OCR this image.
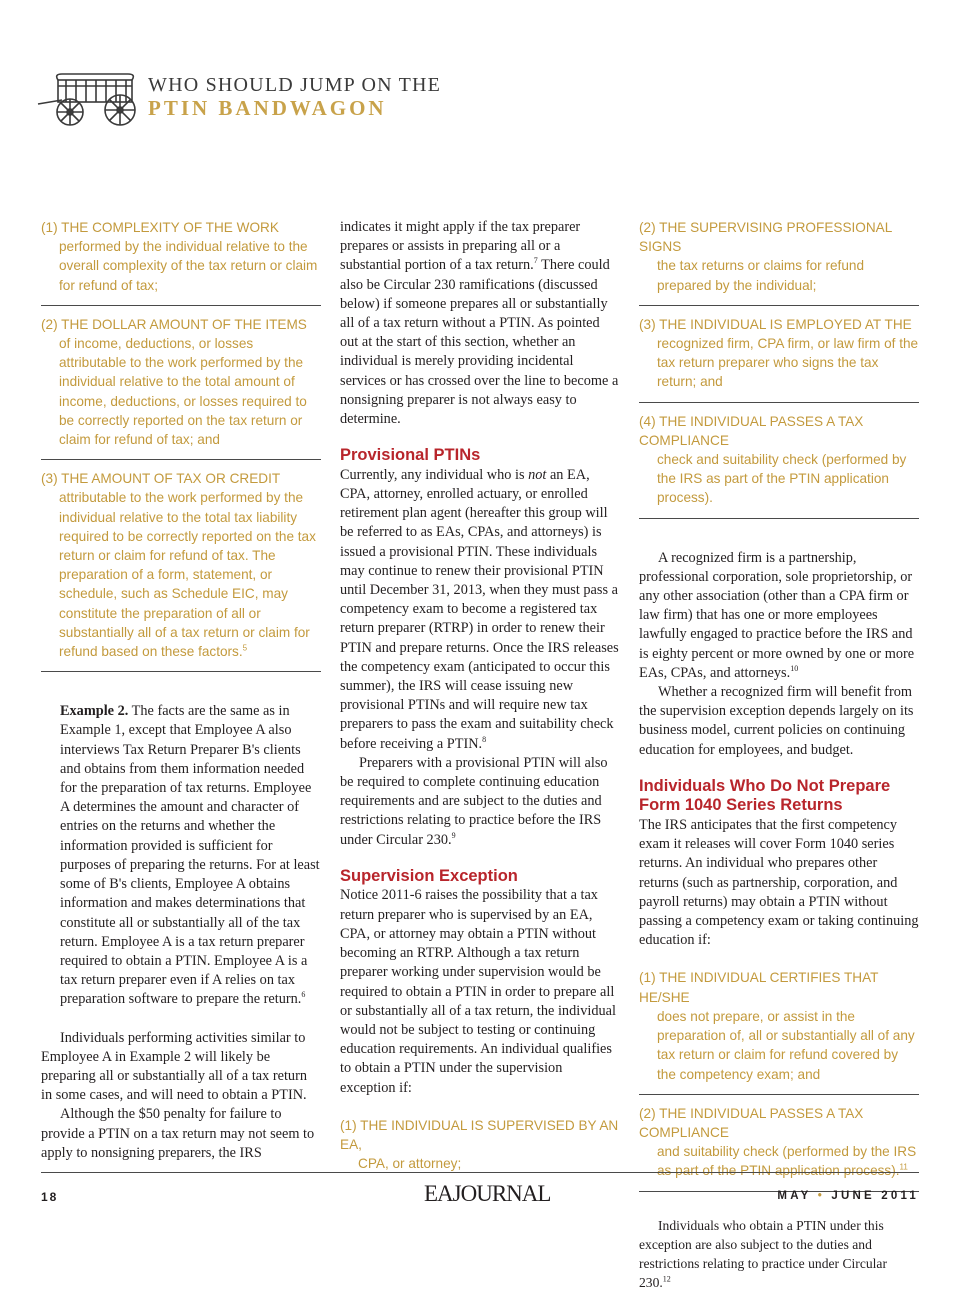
WHO SHOULD JUMP ON THE
PTIN BANDWAGON

(1) THE COMPLEXITY OF THE WORK
performed by the individual relative to the overall complexity of the tax return or claim for refund of tax;

(2) THE DOLLAR AMOUNT OF THE ITEMS
of income, deductions, or losses attributable to the work performed by the individual relative to the total amount of income, deductions, or losses required to be correctly reported on the tax return or claim for refund of tax; and

(3) THE AMOUNT OF TAX OR CREDIT
attributable to the work performed by the individual relative to the total tax liability required to be correctly reported on the tax return or claim for refund of tax. The preparation of a form, statement, or schedule, such as Schedule EIC, may constitute the preparation of all or substantially all of a tax return or claim for refund based on these factors.$^5$

Example 2. The facts are the same as in Example 1, except that Employee A also interviews Tax Return Preparer B's clients and obtains from them information needed for the preparation of tax returns. Employee A determines the amount and character of entries on the returns and whether the information provided is sufficient for purposes of preparing the returns. For at least some of B's clients, Employee A obtains information and makes determinations that constitute all or substantially all of the tax return. Employee A is a tax return preparer required to obtain a PTIN. Employee A is a tax return preparer even if A relies on tax preparation software to prepare the return.$^6$

Individuals performing activities similar to Employee A in Example 2 will likely be preparing all or substantially all of a tax return in some cases, and will need to obtain a PTIN.

Although the $50 penalty for failure to provide a PTIN on a tax return may not seem to apply to nonsigning preparers, the IRS

indicates it might apply if the tax preparer prepares or assists in preparing all or a substantial portion of a tax return.$^7$ There could also be Circular 230 ramifications (discussed below) if someone prepares all or substantially all of a tax return without a PTIN. As pointed out at the start of this section, whether an individual is merely providing incidental services or has crossed over the line to become a nonsigning preparer is not always easy to determine.

Provisional PTINs

Currently, any individual who is not an EA, CPA, attorney, enrolled actuary, or enrolled retirement plan agent (hereafter this group will be referred to as EAs, CPAs, and attorneys) is issued a provisional PTIN. These individuals may continue to renew their provisional PTIN until December 31, 2013, when they must pass a competency exam to become a registered tax return preparer (RTRP) in order to renew their PTIN and prepare returns. Once the IRS releases the competency exam (anticipated to occur this summer), the IRS will cease issuing new provisional PTINs and will require new tax preparers to pass the exam and suitability check before receiving a PTIN.$^8$

Preparers with a provisional PTIN will also be required to complete continuing education requirements and are subject to the duties and restrictions relating to practice before the IRS under Circular 230.$^9$

Supervision Exception

Notice 2011-6 raises the possibility that a tax return preparer who is supervised by an EA, CPA, or attorney may obtain a PTIN without becoming an RTRP. Although a tax return preparer working under supervision would be required to obtain a PTIN in order to prepare all or substantially all of a tax return, the individual would not be subject to testing or continuing education requirements. An individual qualifies to obtain a PTIN under the supervision exception if:

(1) THE INDIVIDUAL IS SUPERVISED BY AN EA,
CPA, or attorney;

(2) THE SUPERVISING PROFESSIONAL SIGNS
the tax returns or claims for refund prepared by the individual;

(3) THE INDIVIDUAL IS EMPLOYED AT THE
recognized firm, CPA firm, or law firm of the tax return preparer who signs the tax return; and

(4) THE INDIVIDUAL PASSES A TAX COMPLIANCE
check and suitability check (performed by the IRS as part of the PTIN application process).

A recognized firm is a partnership, professional corporation, sole proprietorship, or any other association (other than a CPA firm or law firm) that has one or more employees lawfully engaged to practice before the IRS and is eighty percent or more owned by one or more EAs, CPAs, and attorneys.$^{10}$

Whether a recognized firm will benefit from the supervision exception depends largely on its business model, current policies on continuing education for employees, and budget.

Individuals Who Do Not Prepare
Form 1040 Series Returns

The IRS anticipates that the first competency exam it releases will cover Form 1040 series returns. An individual who prepares other returns (such as partnership, corporation, and payroll returns) may obtain a PTIN without passing a competency exam or taking continuing education if:

(1) THE INDIVIDUAL CERTIFIES THAT HE/SHE
does not prepare, or assist in the preparation of, all or substantially all of any tax return or claim for refund covered by the competency exam; and

(2) THE INDIVIDUAL PASSES A TAX COMPLIANCE
and suitability check (performed by the IRS as part of the PTIN application process).$^{11}$

Individuals who obtain a PTIN under this exception are also subject to the duties and restrictions relating to practice under Circular 230.12

18	EAJOURNAL	MAY • JUNE 2011
